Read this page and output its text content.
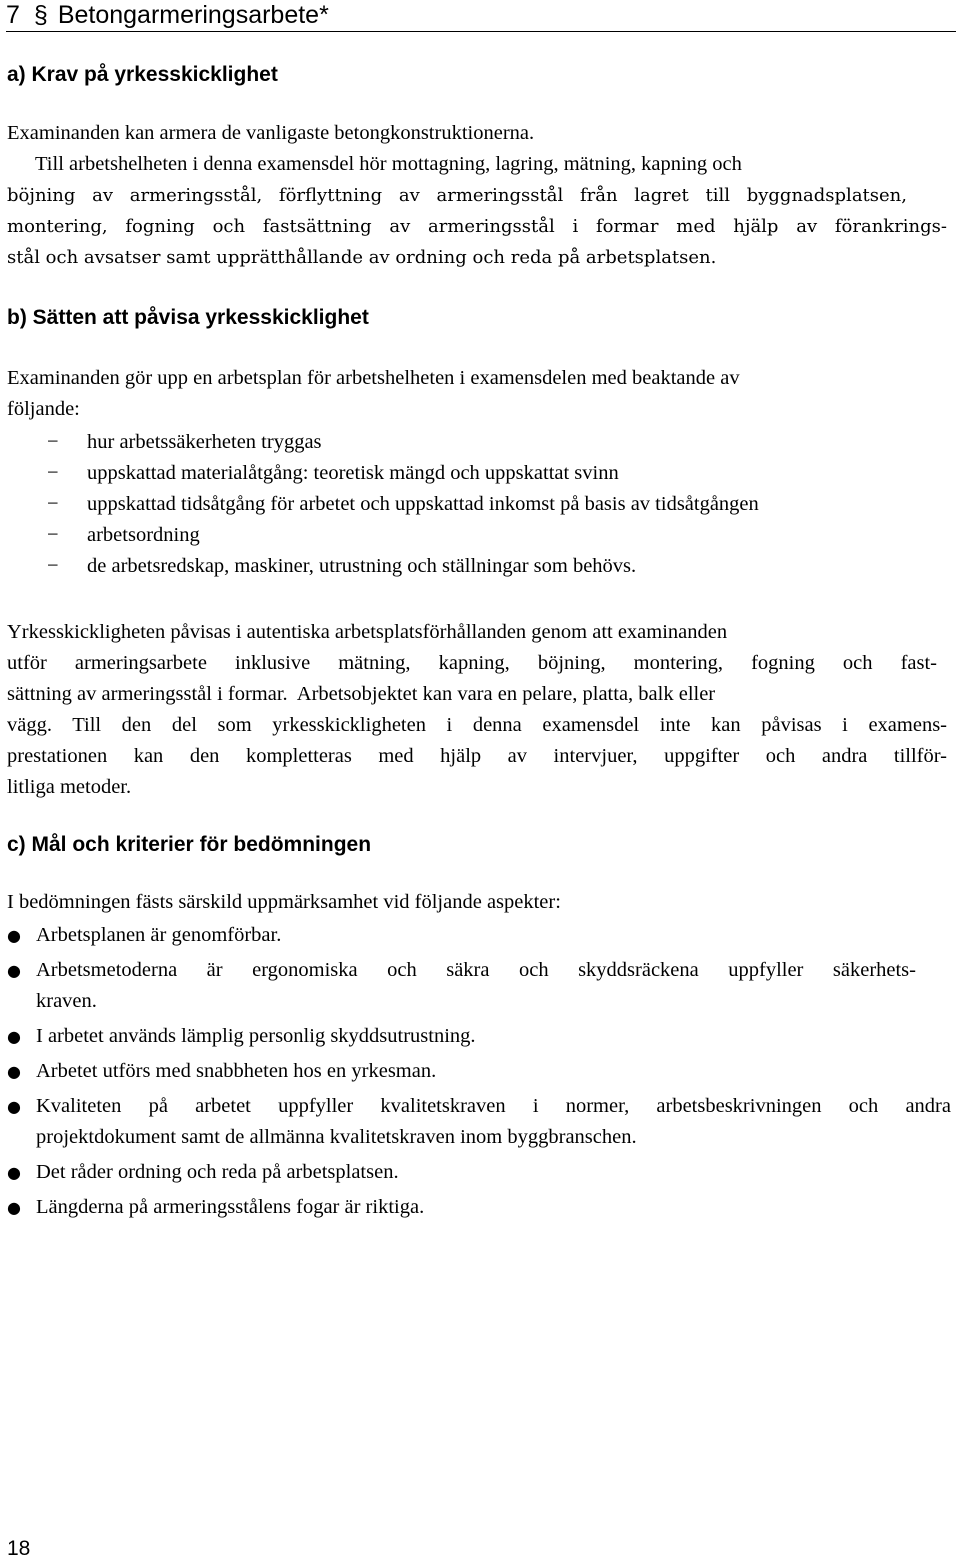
7 § Betongarmeringsarbete*
a) Krav på yrkesskicklighet
Examinanden kan armera de vanligaste betongkonstruktionerna.
Till arbetshelheten i denna examensdel hör mottagning, lagring, mätning, kapning och
böjning av armeringsstål, förflyttning av armeringsstål från lagret till byggnadsplatsen,
montering, fogning och fastsättning av armeringsstål i formar med hjälp av förankrings-
stål och avsatser samt upprätthållande av ordning och reda på arbetsplatsen.
b) Sätten att påvisa yrkesskicklighet
Examinanden gör upp en arbetsplan för arbetshelheten i examensdelen med beaktande av
följande:
− hur arbetssäkerheten tryggas
− uppskattad materialåtgång: teoretisk mängd och uppskattat svinn
− uppskattad tidsåtgång för arbetet och uppskattad inkomst på basis av tidsåtgången
− arbetsordning
− de arbetsredskap, maskiner, utrustning och ställningar som behövs.
Yrkesskickligheten påvisas i autentiska arbetsplatsförhållanden genom att examinanden
utför armeringsarbete inklusive mätning, kapning, böjning, montering, fogning och fast-
sättning av armeringsstål i formar.  Arbetsobjektet kan vara en pelare, platta, balk eller
vägg. Till den del som yrkesskickligheten i denna examensdel inte kan påvisas i examens-
prestationen kan den kompletteras med hjälp av intervjuer, uppgifter och andra tillför-
litliga metoder.
c) Mål och kriterier för bedömningen
I bedömningen fästs särskild uppmärksamhet vid följande aspekter:
● Arbetsplanen är genomförbar.
● Arbetsmetoderna är ergonomiska och säkra och skyddsräckena uppfyller säkerhets-
kraven.
● I arbetet används lämplig personlig skyddsutrustning.
● Arbetet utförs med snabbheten hos en yrkesman.
● Kvaliteten på arbetet uppfyller kvalitetskraven i normer, arbetsbeskrivningen och andra
projektdokument samt de allmänna kvalitetskraven inom byggbranschen.
● Det råder ordning och reda på arbetsplatsen.
● Längderna på armeringsstålens fogar är riktiga.
18
